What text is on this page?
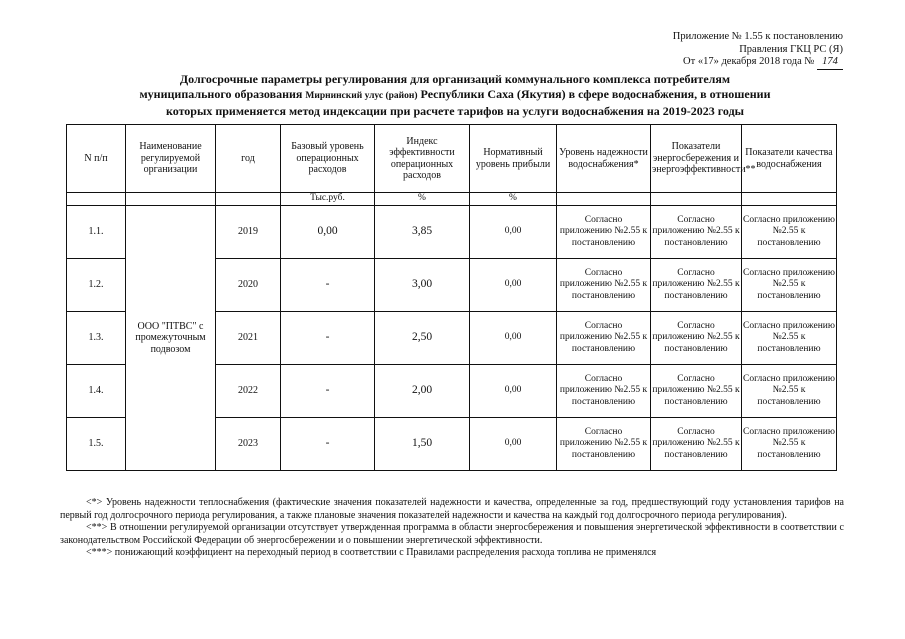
Приложение № 1.55 к постановлению
Правления ГКЦ РС (Я)
От «17» декабря 2018 года № 174
Долгосрочные параметры регулирования для организаций коммунального комплекса потребителям
муниципального образования Мирнинский улус (район) Республики Саха (Якутия) в сфере водоснабжения, в отношении
которых применяется метод индексации при расчете тарифов на услуги водоснабжения на 2019-2023 годы
N п/п	Наименование регулируемой организации	год	Базовый уровень операционных расходов	Индекс эффективности операционных расходов	Нормативный уровень прибыли	Уровень надежности водоснабжения*	Показатели энергосбережения и энергоэффективности**	Показатели качества водоснабжения
			Тыс.руб.	%	%			
1.1.	ООО "ПТВС" с промежуточным подвозом	2019	0,00	3,85	0,00	Согласно приложению №2.55 к постановлению	Согласно приложению №2.55 к постановлению	Согласно приложению №2.55 к постановлению
1.2.		2020	-	3,00	0,00	Согласно приложению №2.55 к постановлению	Согласно приложению №2.55 к постановлению	Согласно приложению №2.55 к постановлению
1.3.		2021	-	2,50	0,00	Согласно приложению №2.55 к постановлению	Согласно приложению №2.55 к постановлению	Согласно приложению №2.55 к постановлению
1.4.		2022	-	2,00	0,00	Согласно приложению №2.55 к постановлению	Согласно приложению №2.55 к постановлению	Согласно приложению №2.55 к постановлению
1.5.		2023	-	1,50	0,00	Согласно приложению №2.55 к постановлению	Согласно приложению №2.55 к постановлению	Согласно приложению №2.55 к постановлению

<*> Уровень надежности теплоснабжения (фактические значения показателей надежности и качества, определенные за год, предшествующий году установления тарифов на первый год долгосрочного периода регулирования, а также плановые значения показателей надежности и качества на каждый год долгосрочного периода регулирования).

<**> В отношении регулируемой организации отсутствует утвержденная программа в области энергосбережения и повышения энергетической эффективности в соответствии с законодательством Российской Федерации об энергосбережении и о повышении энергетической эффективности.

<***> понижающий коэффициент на переходный период в соответствии с Правилами распределения расхода топлива не применялся
